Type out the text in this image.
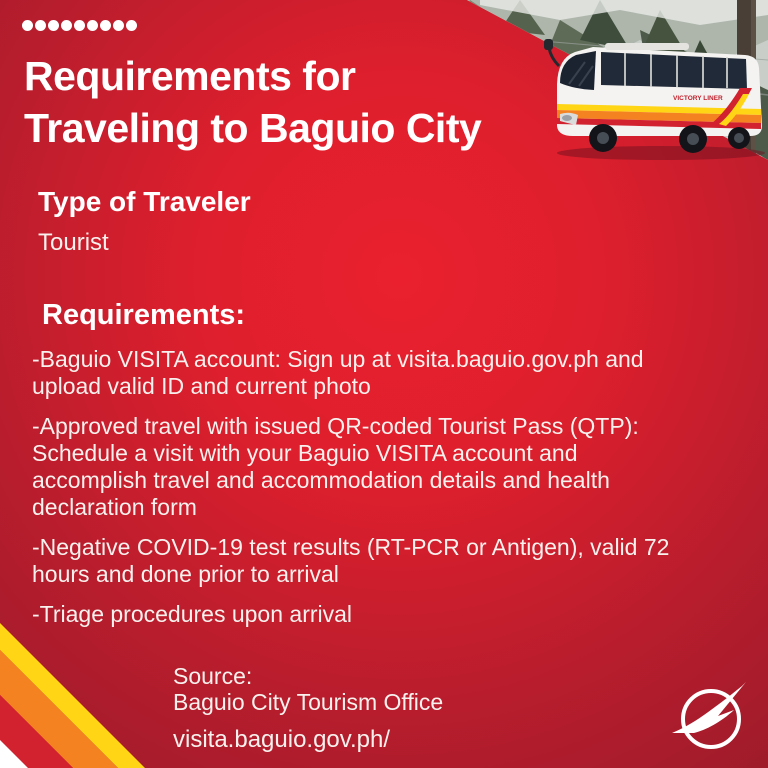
VICTORY LINER
Requirements for
Traveling to Baguio City
Type of Traveler
Tourist
Requirements:
-Baguio VISITA account: Sign up at visita.baguio.gov.ph and
upload valid ID and current photo
-Approved travel with issued QR-coded Tourist Pass (QTP):
Schedule a visit with your Baguio VISITA account and
accomplish travel and accommodation details and health
declaration form
-Negative COVID-19 test results (RT-PCR or Antigen), valid 72
hours and done prior to arrival
-Triage procedures upon arrival
Source:
Baguio City Tourism Office
visita.baguio.gov.ph/
